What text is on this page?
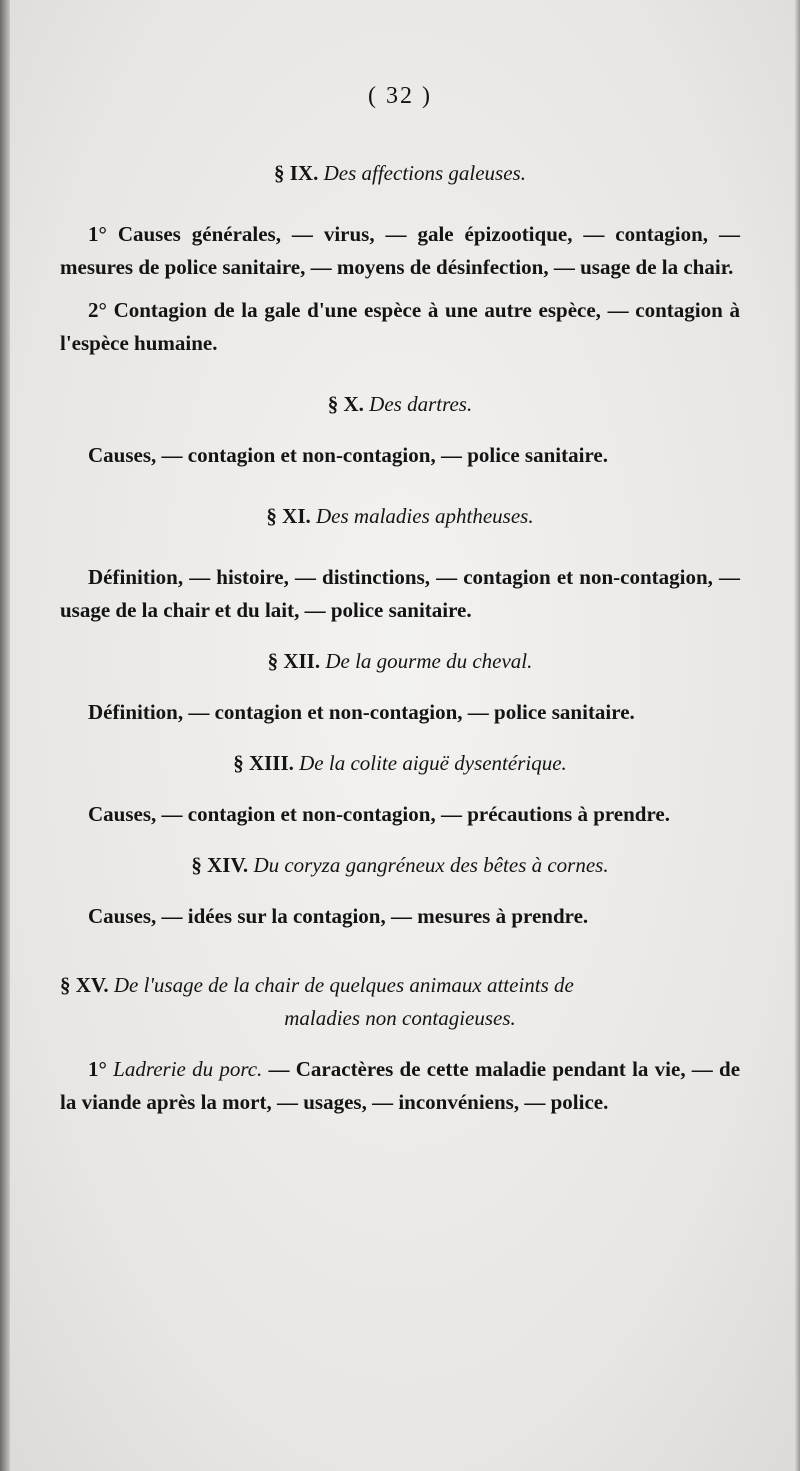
( 32 )
§ IX. Des affections galeuses.

1° Causes générales, — virus, — gale épizootique, — contagion, — mesures de police sanitaire, — moyens de désinfection, — usage de la chair.

2° Contagion de la gale d'une espèce à une autre espèce, — contagion à l'espèce humaine.

§ X. Des dartres.

Causes, — contagion et non-contagion, — police sanitaire.

§ XI. Des maladies aphtheuses.

Définition, — histoire, — distinctions, — contagion et non-contagion, — usage de la chair et du lait, — police sanitaire.

§ XII. De la gourme du cheval.

Définition, — contagion et non-contagion, — police sanitaire.

§ XIII. De la colite aiguë dysentérique.

Causes, — contagion et non-contagion, — précautions à prendre.

§ XIV. Du coryza gangréneux des bêtes à cornes.

Causes, — idées sur la contagion, — mesures à prendre.

§ XV. De l'usage de la chair de quelques animaux atteints de
maladies non contagieuses.

1° Ladrerie du porc. — Caractères de cette maladie pendant la vie, — de la viande après la mort, — usages, — inconvéniens, — police.
